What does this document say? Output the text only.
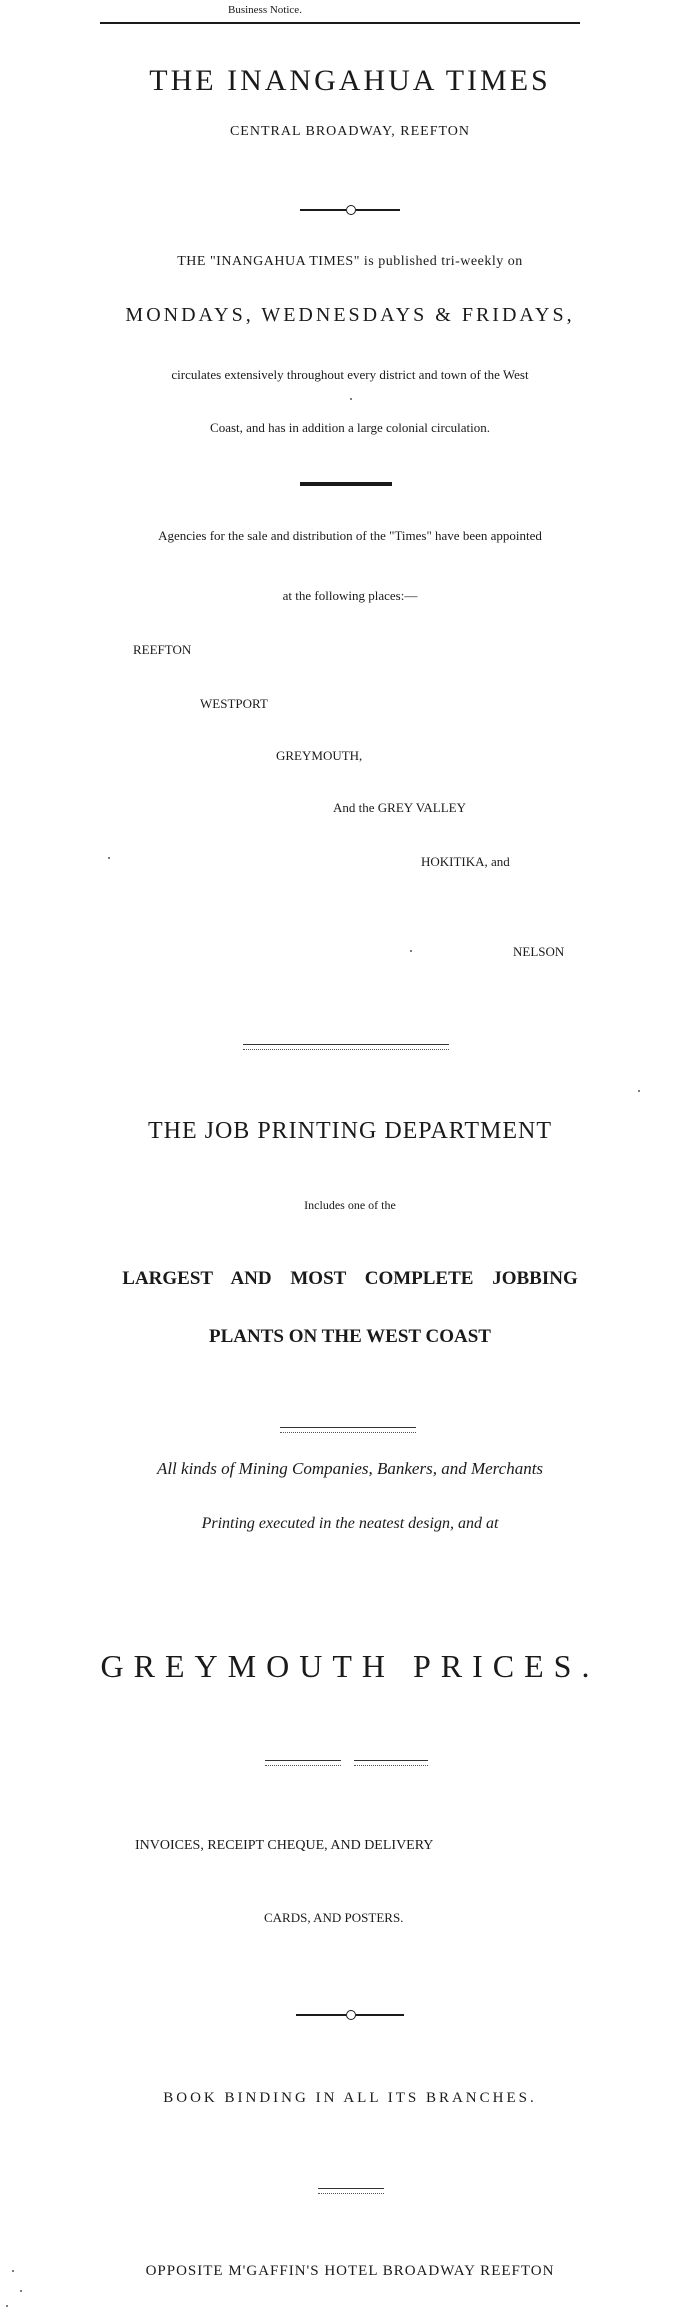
Business Notice.
THE INANGAHUA TIMES
CENTRAL BROADWAY, REEFTON
THE "INANGAHUA TIMES" is published tri-weekly on
MONDAYS, WEDNESDAYS & FRIDAYS,
circulates extensively throughout every district and town of the West
Coast, and has in addition a large colonial circulation.
Agencies for the sale and distribution of the "Times" have been appointed
at the following places:—
REEFTON
WESTPORT
GREYMOUTH,
And the GREY VALLEY
HOKITIKA, and
NELSON
THE JOB PRINTING DEPARTMENT
Includes one of the
LARGEST AND MOST COMPLETE JOBBING
PLANTS ON THE WEST COAST
All kinds of Mining Companies, Bankers, and Merchants
Printing executed in the neatest design, and at
GREYMOUTH PRICES.
INVOICES, RECEIPT CHEQUE, AND DELIVERY
CARDS, AND POSTERS.
BOOK BINDING IN ALL ITS BRANCHES.
OPPOSITE M'GAFFIN'S HOTEL BROADWAY REEFTON
